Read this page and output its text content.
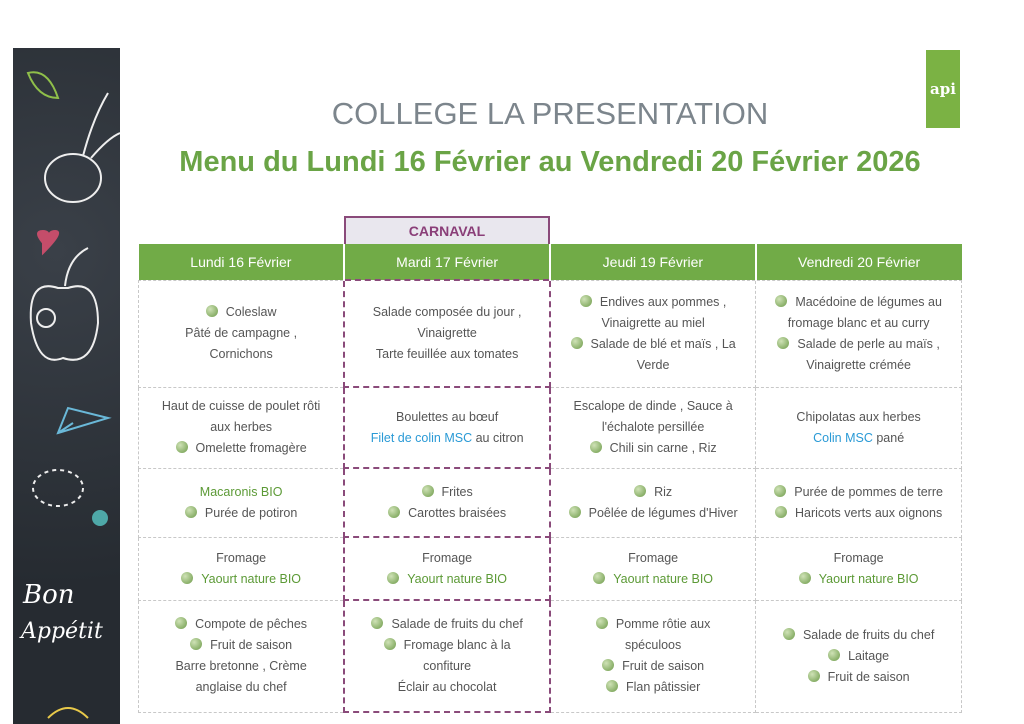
Bon
Appétit
api
COLLEGE LA PRESENTATION
Menu du Lundi 16 Février au Vendredi 20 Février 2026
CARNAVAL
Lundi 16 Février	Mardi 17 Février	Jeudi 19 Février	Vendredi 20 Février

Coleslaw
Pâté de campagne ,
Cornichons	Salade composée du jour ,
Vinaigrette
Tarte feuillée aux tomates	Endives aux pommes ,
Vinaigrette au miel
Salade de blé et maïs , La
Verde	Macédoine de légumes au
fromage blanc et au curry
Salade de perle au maïs ,
Vinaigrette crémée

Haut de cuisse de poulet rôti
aux herbes
Omelette fromagère	Boulettes au bœuf
Filet de colin MSC au citron	Escalope de dinde , Sauce à
l'échalote persillée
Chili sin carne , Riz	Chipolatas aux herbes
Colin MSC pané

Macaronis BIO
Purée de potiron	Frites
Carottes braisées	Riz
Poêlée de légumes d'Hiver	Purée de pommes de terre
Haricots verts aux oignons

Fromage
Yaourt nature BIO	Fromage
Yaourt nature BIO	Fromage
Yaourt nature BIO	Fromage
Yaourt nature BIO

Compote de pêches
Fruit de saison
Barre bretonne , Crème
anglaise du chef	Salade de fruits du chef
Fromage blanc à la
confiture
Éclair au chocolat	Pomme rôtie aux
spéculoos
Fruit de saison
Flan pâtissier	Salade de fruits du chef
Laitage
Fruit de saison
